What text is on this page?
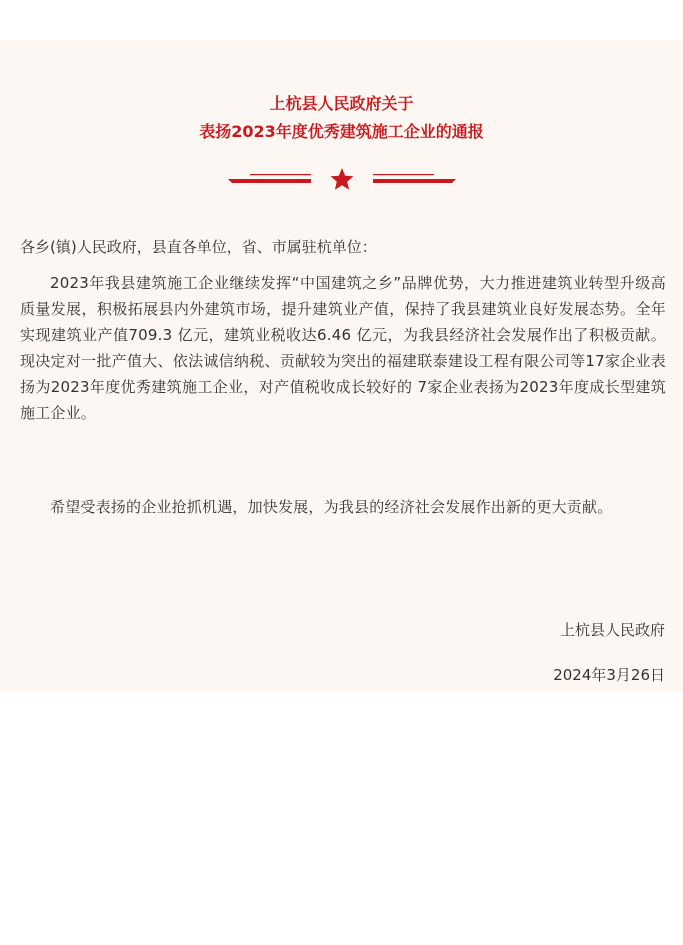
上杭县人民政府关于
表扬2023年度优秀建筑施工企业的通报

各乡(镇)人民政府，县直各单位，省、市属驻杭单位：

2023年我县建筑施工企业继续发挥“中国建筑之乡”品牌优势，大力推进建筑业转型升级高质量发展，积极拓展县内外建筑市场，提升建筑业产值，保持了我县建筑业良好发展态势。全年实现建筑业产值709.3 亿元，建筑业税收达6.46 亿元，为我县经济社会发展作出了积极贡献。现决定对一批产值大、依法诚信纳税、贡献较为突出的福建联泰建设工程有限公司等17家企业表 扬为2023年度优秀建筑施工企业，对产值税收成长较好的 7家企业表扬为2023年度成长型建筑施工企业。

希望受表扬的企业抢抓机遇，加快发展，为我县的经济社会发展作出新的更大贡献。

上杭县人民政府
2024年3月26日
